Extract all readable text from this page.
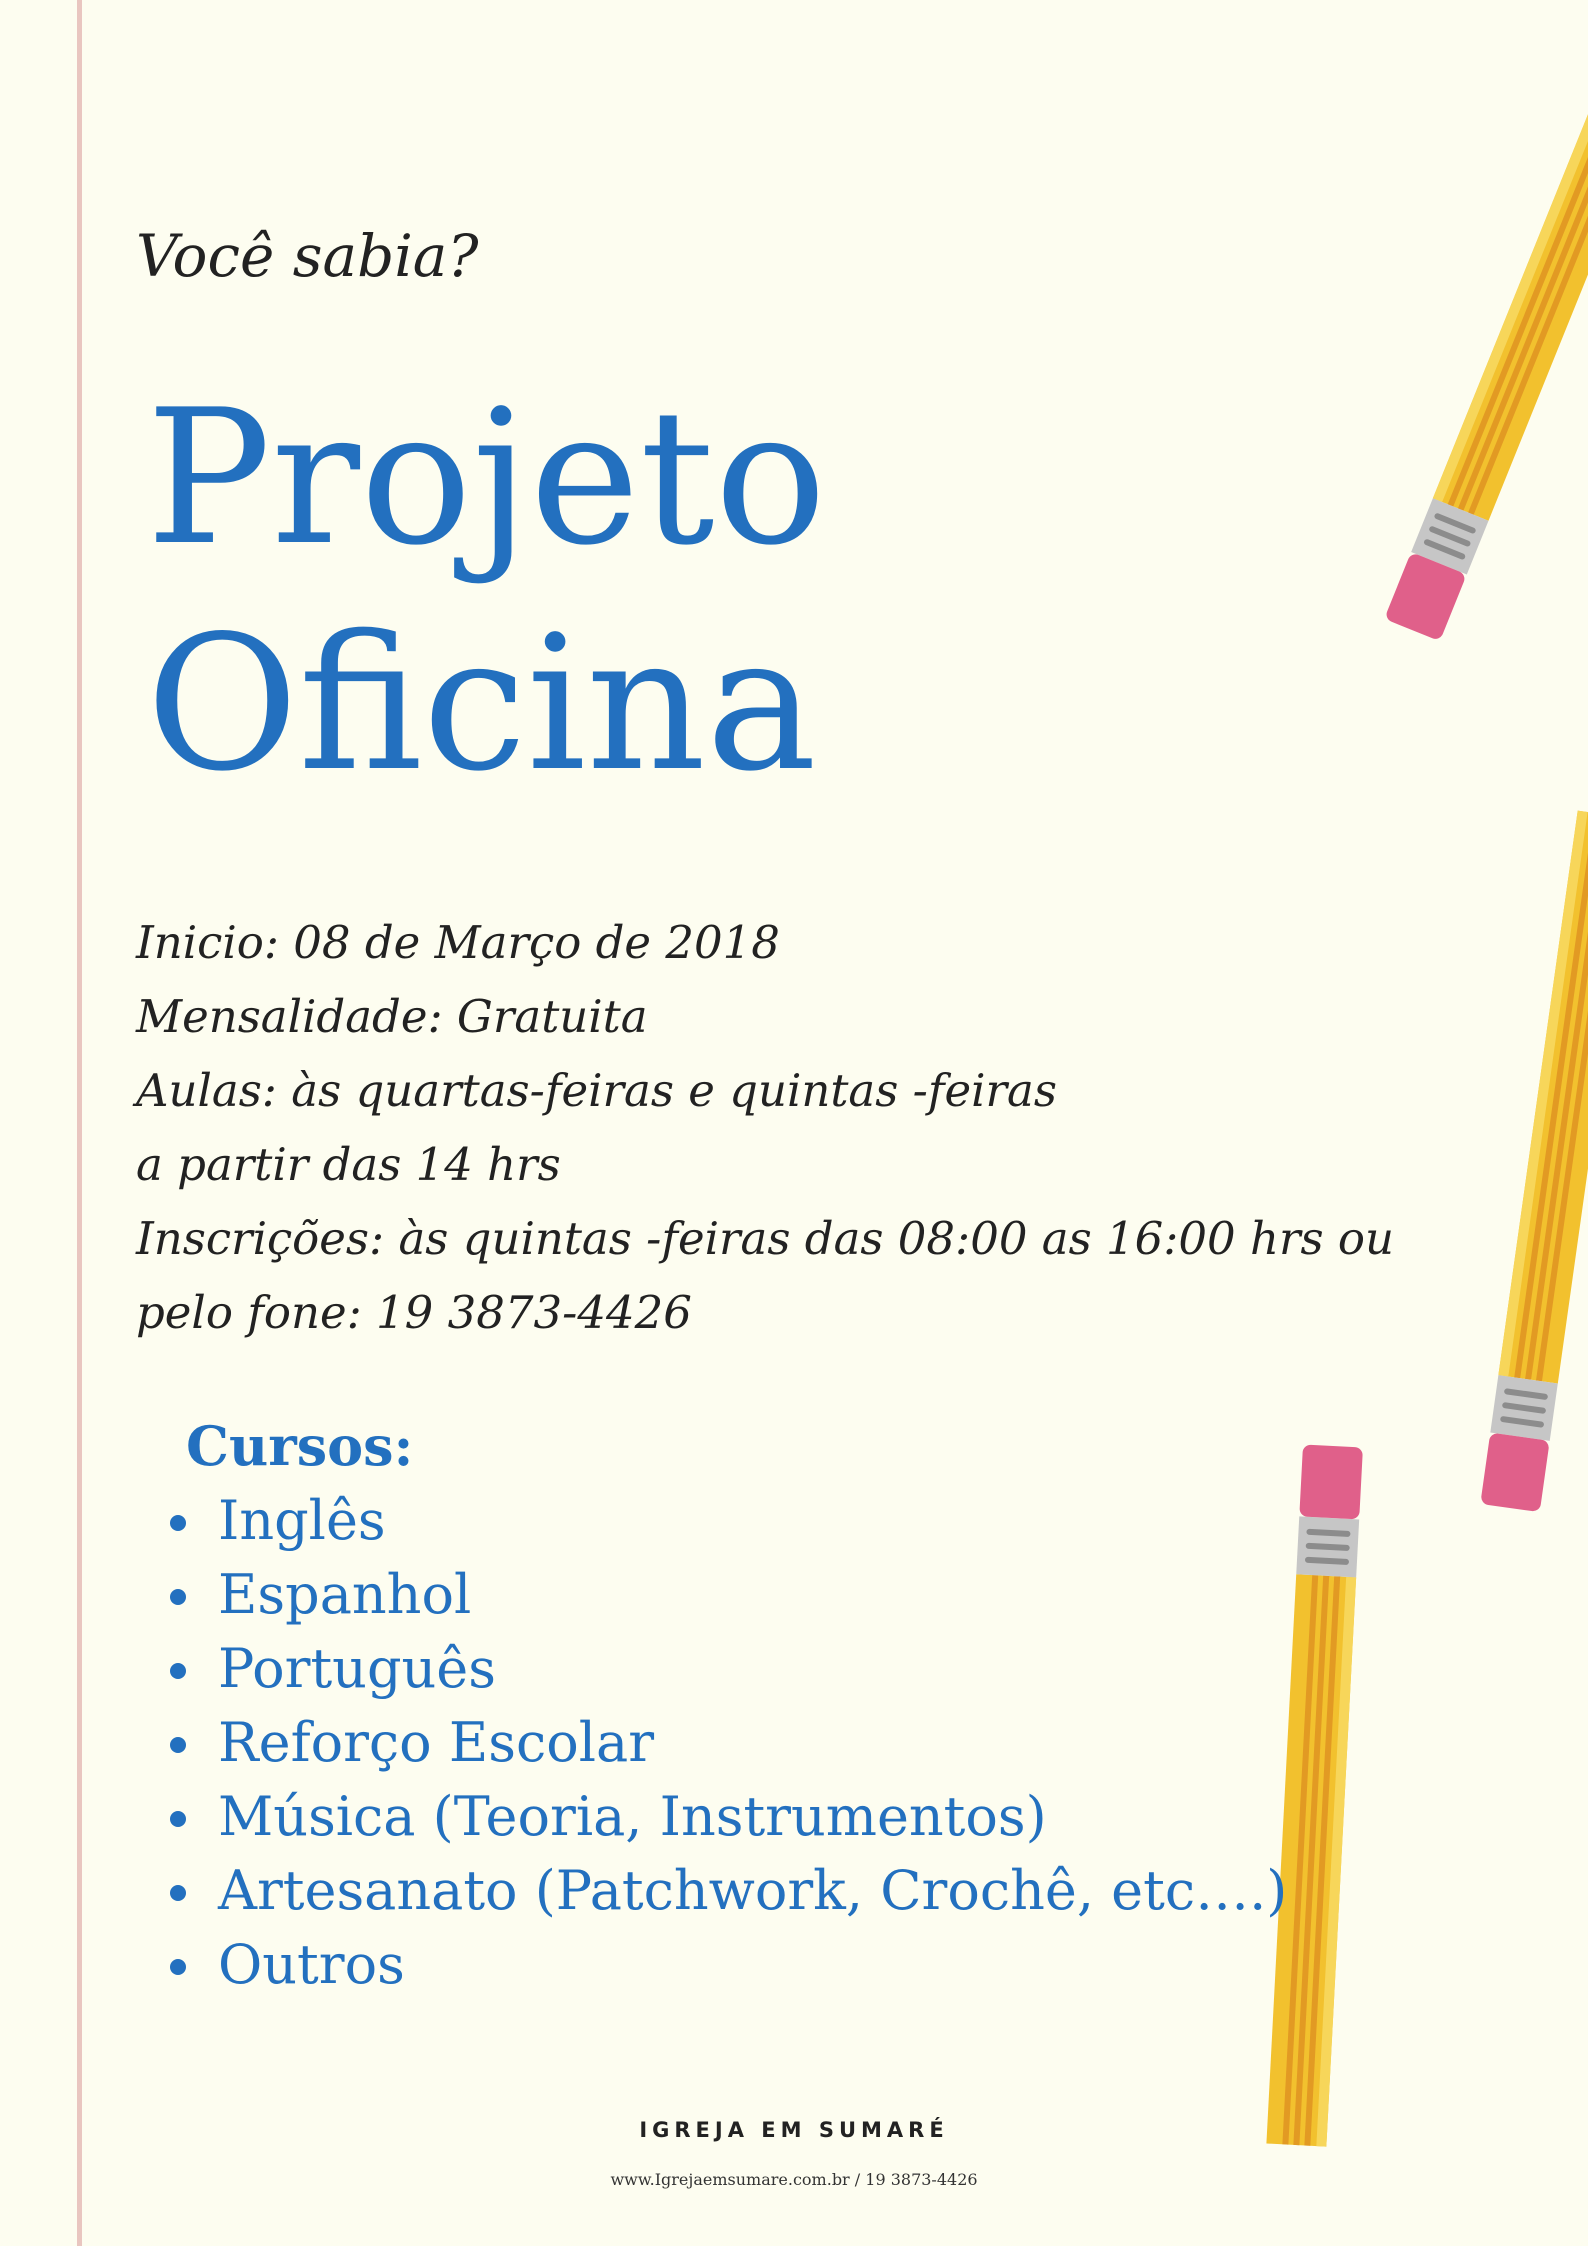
Você sabia?

Projeto
Oficina
Inicio: 08 de Março de 2018
Mensalidade: Gratuita
Aulas: às quartas-feiras e quintas -feiras
a partir das 14 hrs
Inscrições: às quintas -feiras das 08:00 as 16:00 hrs ou
pelo fone: 19 3873-4426
Cursos:
Inglês
Espanhol
Português
Reforço Escolar
Música (Teoria, Instrumentos)
Artesanato (Patchwork, Crochê, etc….)
Outros

IGREJA EM SUMARÉ

www.Igrejaemsumare.com.br / 19 3873-4426
